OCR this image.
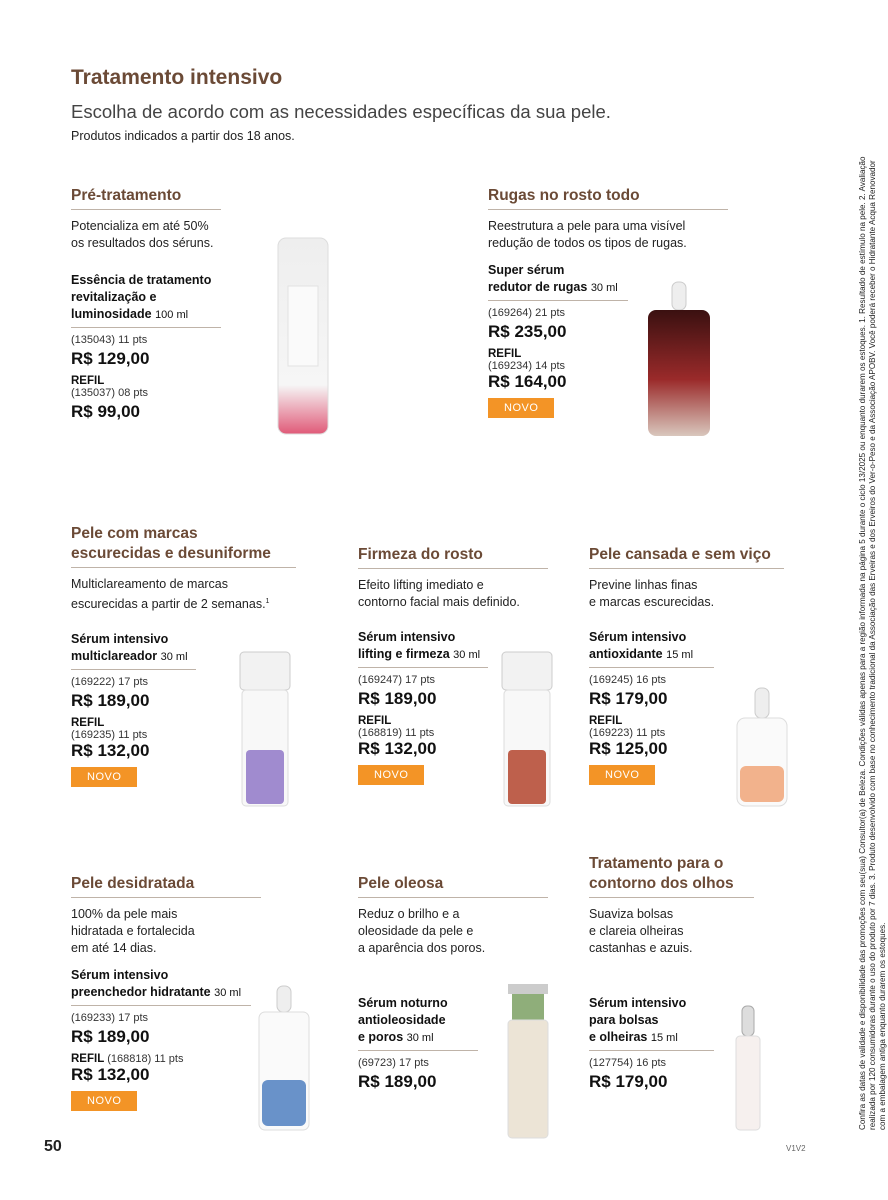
Tratamento intensivo
Escolha de acordo com as necessidades específicas da sua pele.
Produtos indicados a partir dos 18 anos.
Pré-tratamento
Potencializa em até 50%
os resultados dos séruns.
Essência de tratamento
revitalização e
luminosidade 100 ml
(135043) 11 pts
R$ 129,00
REFIL
(135037) 08 pts
R$ 99,00
Rugas no rosto todo
Reestrutura a pele para uma visível
redução de todos os tipos de rugas.
Super sérum
redutor de rugas 30 ml
(169264) 21 pts
R$ 235,00
REFIL
(169234) 14 pts
R$ 164,00
NOVO
Pele com marcas
escurecidas e desuniforme
Multiclareamento de marcas
escurecidas a partir de 2 semanas.$^1$
Sérum intensivo
multiclareador 30 ml
(169222) 17 pts
R$ 189,00
REFIL
(169235) 11 pts
R$ 132,00
NOVO
Firmeza do rosto
Efeito lifting imediato e
contorno facial mais definido.
Sérum intensivo
lifting e firmeza 30 ml
(169247) 17 pts
R$ 189,00
REFIL
(168819) 11 pts
R$ 132,00
NOVO
Pele cansada e sem viço
Previne linhas finas
e marcas escurecidas.
Sérum intensivo
antioxidante 15 ml
(169245) 16 pts
R$ 179,00
REFIL
(169223) 11 pts
R$ 125,00
NOVO
Pele desidratada
100% da pele mais
hidratada e fortalecida
em até 14 dias.
Sérum intensivo
preenchedor hidratante 30 ml
(169233) 17 pts
R$ 189,00
REFIL (168818) 11 pts
R$ 132,00
NOVO
Pele oleosa
Reduz o brilho e a
oleosidade da pele e
a aparência dos poros.
Sérum noturno
antioleosidade
e poros 30 ml
(69723) 17 pts
R$ 189,00
Tratamento para o
contorno dos olhos
Suaviza bolsas
e clareia olheiras
castanhas e azuis.
Sérum intensivo
para bolsas
e olheiras 15 ml
(127754) 16 pts
R$ 179,00
50	V1V2
Confira as datas de validade e disponibilidade das promoções com seu(sua) Consultor(a) de Beleza. Condições válidas apenas para a região informada na página 5 durante o ciclo 13/2025 ou enquanto durarem os estoques. 1. Resultado de estímulo na pele. 2. Avaliação realizada por 120 consumidoras durante o uso do produto por 7 dias. 3. Produto desenvolvido com base no conhecimento tradicional da Associação das Erveiras e dos Erveiros do Ver-o-Peso e da Associação APOBV. Você poderá receber o Hidratante Acqua Renovador com a embalagem antiga enquanto durarem os estoques.
